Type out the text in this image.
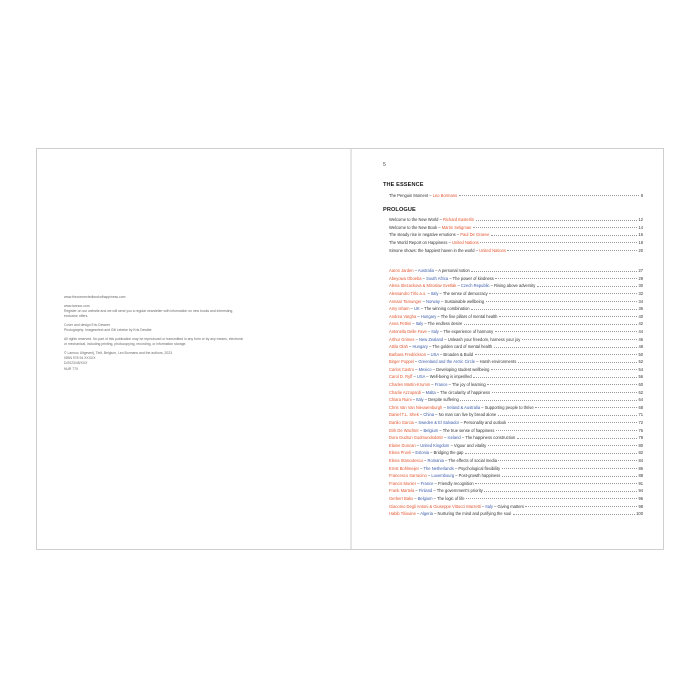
www.theconnectedbookofhappiness.com
www.lannoo.com
Register on our website and we will send you a regular newsletter with information on new books and interesting, exclusive offers.
Cover and design Eric Deweer
Photography: Imageselect and Gill Lebeke by Kris Dewitte
All rights reserved. No part of this publication may be reproduced or transmitted in any form or by any means, electronic or mechanical, including printing, photocopying, recording, or information storage.
© Lannoo Uitgeverij, Tielt, Belgium, Leo Bormans and the authors, 2023
ISBN 978 94 XXXXX
D/2023/45/XXX
NUR 770
5
THE ESSENCE
The Penguin Moment – Leo Bormans	8
PROLOGUE
Welcome to the New World – Richard Easterlin	12
Welcome to the New Book – Martin Seligman	14
The steady rise in negative emotions – Paul De Graeve	16
The World Report on Happiness – United Nations	18
Simone shows: the happiest haven in the world – United Nations	20
Aaron Jarden – Australia – A personal notion	27
Abeyowa Oboeba – South Africa – The power of kindness	29
Alena Slezackova & Miroslav Svetlak – Czech Republic – Rising above adversity	30
Alessandro Tirlo a.o. – Italy – The sense of democracy	32
Annaar Tamunger – Norway – Sustainable wellbeing	34
Amy Isham – UK – The winning combination	36
Andrea Vargha – Hungary – The five pillars of mental health	40
Anna Pettini – Italy – The endless desire	42
Antonella Delle Fave – Italy – The experience of harmony	44
Arthur Grimes – New Zealand – Unleash your freedom, harness your joy	46
Attila Olah – Hungary – The golden card of mental health	48
Barbara Fredrickson – USA – Broaden & Build	50
Birger Poppel – Greenland and the Arctic Circle – Harsh environments	52
Carlos Castro – Mexico – Developing student wellbeing	54
Carol D. Ryff – USA – Well-being is imperilled	56
Charles Martin-Krumm – France – The joy of learning	60
Charlie Azzopardi – Malta – The circularity of happiness	62
Chiara Ruini – Italy – Despite suffering	64
Chris Van Van Nieuwenburgh – Ireland & Australia – Supporting people to thrive	68
Daniel T.L. Shek – China – No man can live by bread alone	71
Danilo Garcia – Sweden & El Salvador – Personality and outlook	72
Dirk De Wachter – Belgium – The true sense of happiness	76
Dora Gudrun Gudmundsdottir – Iceland – The happiness construction	78
Elaine Duncan – United Kingdom – Vigour and vitality	80
Elena Pruvli – Estonia – Bridging the gap	82
Elena Stanculescu – Romania – The effects of social media	84
Ernst Bohlmeijer – The Netherlands – Psychological flexibility	86
Francesco Sarracino – Luxembourg – Post-growth happiness	88
Francis Munier – France – Friendly recognition	91
Frank Martela – Finland – The government's priority	94
Gerbert Bakx – Belgium – The logic of life	96
Giacomo Degli Antoni & Giuseppe Vittucci Marzetti – Italy – Giving matters	98
Habib Tiliouine – Algeria – Nurturing the mind and purifying the soul	100
